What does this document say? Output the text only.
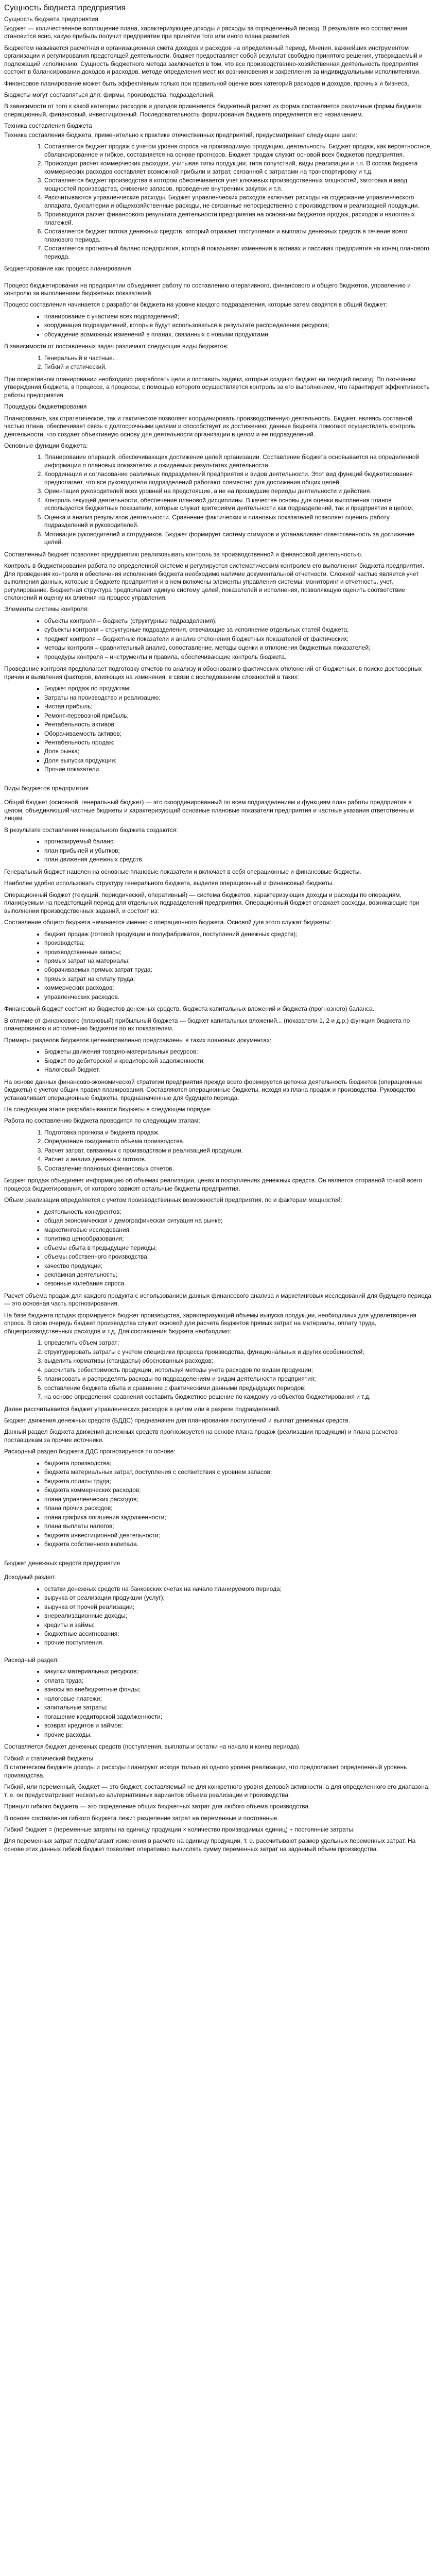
Сущность бюджета предприятия
Сущность бюджета предприятия

Бюджет — количественное воплощение плана, характеризующее доходы и расходы за определенный период. В результате его составления становится ясно, какую прибыль получит предприятие при принятии того или иного плана развития.

Бюджетом называется расчетная и организационная смета доходов и расходов на определенный период. Мнения, важнейших инструментом организации и регулирования предстоящей деятельности, бюджет предоставляет собой результат свободно принятого решения, утверждаемый и подлежащий исполнению. Сущность бюджетного метода заключается в том, что все производственно-хозяйственная деятельность предприятия состоит в балансировании доходов и расходов, методе определения мест их возникновения и закрепления за индивидуальными исполнителями.

Финансовое планирование может быть эффективным только при правильной оценке всех категорий расходов и доходов, прочных и бизнеса.

Бюджеты могут составляться для: фирмы, производства, подразделений.

В зависимости от того к какой категории расходов и доходов применяется бюджетный расчет из форма составляется различные формы бюджета: операционный, финансовый, инвестиционный. Последовательность формирования бюджета определяется его назначением.

Техника составления бюджета

Техника составления бюджета, применительно к практике отечественных предприятий, предусматривает следующие шаги:

1. Составляется бюджет продаж с учетом уровня спроса на производимую продукцию, деятельность. Бюджет продаж, как вероятностное, сбалансированное и гибкое, составляется на основе прогнозов. Бюджет продаж служит основой всех бюджетов предприятия.
2. Происходит расчет коммерческих расходов, учитывая типы продукции, типа сопутствий, виды реализации и т.п. В состав бюджета коммерческих расходов составляет возможной прибыли и затрат, связанной с затратами на транспортировку и т.д.
3. Составляется бюджет производства в котором обеспечивается учет ключевых производственных мощностей, заготовка и ввод мощностей производства, снижение запасов, проведение внутренних закупок и т.п.
4. Рассчитываются управленческие расходы. Бюджет управленческих расходов включает расходы на содержание управленческого аппарата, бухгалтерии и общехозяйственные расходы, не связанные непосредственно с производством и реализацией продукции.
5. Производится расчет финансового результата деятельности предприятия на основании бюджетов продаж, расходов и налоговых платежей.
6. Составляется бюджет потока денежных средств, который отражает поступления и выплаты денежных средств в течение всего планового периода.
7. Составляется прогнозный баланс предприятия, который показывает изменения в активах и пассивах предприятия на конец планового периода.

Бюджетирование как процесс планирования

Процесс бюджетирования на предприятии объединяет работу по составлению оперативного, финансового и общего бюджетов, управлению и контролю за выполнением бюджетных показателей.

Процесс составления начинается с разработки бюджета на уровне каждого подразделения, которые затем сводятся в общий бюджет:

• планирование с участием всех подразделений;
• координация подразделений, которые будут использоваться в результате распределения ресурсов;
• обсуждение возможных изменений в планах, связанных с новыми продуктами.

В зависимости от поставленных задач различают следующие виды бюджетов:

1. Генеральный и частные.
2. Гибкий и статический.

При оперативном планировании необходимо разработать цели и поставить задачи, которые создают бюджет на текущий период. По окончании утверждения бюджета, в процессе, а процессы, с помощью которого осуществляется контроль за его выполнением, что гарантирует эффективность работы предприятия.

Процедуры бюджетирования

Планирование, как стратегическое, так и тактическое позволяет координировать производственную деятельность. Бюджет, являясь составной частью плана, обеспечивает связь с долгосрочными целями и способствует их достижению; данные бюджета помогают осуществлять контроль деятельности, что создает объективную основу для деятельности организации в целом и ее подразделений.

Основные функции бюджета:

1. Планирование операций, обеспечивающих достижение целей организации. Составление бюджета основывается на определенной информации о плановых показателях и ожидаемых результатах деятельности.
2. Координация и согласование различных подразделений предприятия и видов деятельности. Этот вид функций бюджетирования предполагает, что все руководители подразделений работают совместно для достижения общих целей.
3. Ориентация руководителей всех уровней на предстоящие, а не на прошедшие периоды деятельности и действия.
4. Контроль текущей деятельности, обеспечение плановой дисциплины. В качестве основы для оценки выполнения планов используются бюджетные показатели, которые служат критериями деятельности как подразделений, так и предприятия в целом.
5. Оценка и анализ результатов деятельности. Сравнение фактических и плановых показателей позволяет оценить работу подразделений и руководителей.
6. Мотивация руководителей и сотрудников. Бюджет формирует систему стимулов и устанавливает ответственность за достижение целей.

Составленный бюджет позволяет предприятию реализовывать контроль за производственной и финансовой деятельностью.

Контроль в бюджетировании работа по определенной системе и регулируется систематическим контролем его выполнения бюджета предприятия. Для проведения контроля и обеспечения исполнения бюджета необходимо наличие документальной отчетности. Сложной частью является учет выполнения данных, которые в бюджете предприятия и в нем включены элементы управления системы: мониторинг и отчетность, учет, регулирование. Бюджетная структура предполагает единую систему целей, показателей и исполнения, позволяющую оценить соответствие отклонений и оценку их влияния на процесс управления.

Элементы системы контроля:

• объекты контроля – бюджеты (структурные подразделения);
• субъекты контроля – структурные подразделения, отвечающие за исполнение отдельных статей бюджета;
• предмет контроля – бюджетные показатели и анализ отклонения бюджетных показателей от фактических;
• методы контроля – сравнительный анализ, сопоставление, методы оценки и отклонения бюджетных показателей;
• процедуры контроля – инструменты и правила, обеспечивающие контроль бюджета.

Проведение контроля предполагает подготовку отчетов по анализу и обоснованию фактических отклонений от бюджетных, в поиске достоверных причин и выявления факторов, влияющих на изменения, в связи с исследованием сложностей в таких:

▪ Бюджет продаж по продуктам;
▪ Затраты на производство и реализацию;
▪ Чистая прибыль;
▪ Ремонт-перевозной прибыль;
▪ Рентабельность активов;
▪ Оборачиваемость активов;
▪ Рентабельность продаж;
▪ Доля рынка;
▪ Доля выпуска продукции;
▪ Прочие показатели.
Виды бюджетов предприятия

Общий бюджет (основной, генеральный бюджет) — это скоординированный по всем подразделениям и функциям план работы предприятия в целом, объединяющий частные бюджеты и характеризующий основные плановые показатели предприятия и частные указания ответственным лицам.

В результате составления генерального бюджета создаются:

• прогнозируемый баланс;
• план прибылей и убытков;
• план движения денежных средств.

Генеральный бюджет нацелен на основные плановые показатели и включает в себя операционные и финансовые бюджеты.

Наиболее удобно использовать структуру генерального бюджета, выделяя операционный и финансовый бюджеты.

Операционный бюджет (текущий, периодический, оперативный) — система бюджетов, характеризующих доходы и расходы по операциям, планируемым на предстоящий период для отдельных подразделений предприятия. Операционный бюджет отражает расходы, возникающие при выполнении производственных заданий, и состоит из:

Составление общего бюджета начинается именно с операционного бюджета. Основой для этого служат бюджеты:

• бюджет продаж (готовой продукции и полуфабрикатов, поступлений денежных средств);
• производства;
• производственные запасы;
• прямых затрат на материалы;
• оборачиваемых прямых затрат труда;
• прямых затрат на оплату труда;
• коммерческих расходов;
• управленческих расходов.

Финансовый бюджет состоит из бюджетов денежных средств, бюджета капитальных вложений и бюджета (прогнозного) баланса.

В отличие от финансового (плановый) прибыльный бюджета — бюджет капитальных вложений... (показатели 1, 2 и д.р.) функция бюджета по планированию и исполнению бюджетов по их показателям.

Примеры разделов бюджетов целенаправленно представлены в таких плановых документах:

• Бюджеты движения товарно-материальных ресурсов;
• Бюджет по дебиторской и кредиторской задолженности;
• Налоговый бюджет.

На основе данных финансово-экономической стратегии предприятия прежде всего формируется цепочка деятельность бюджетов (операционные бюджеты) с учетом общих правил планирования. Составляются операционные бюджеты, исходя из плана продаж и производства. Руководство устанавливает операционные бюджеты, предназначенные для будущего периода.

На следующем этапе разрабатываются бюджеты в следующем порядке:

Работа по составлению бюджета проводится по следующим этапам:

1. Подготовка прогноза и бюджета продаж.
2. Определение ожидаемого объема производства.
3. Расчет затрат, связанных с производством и реализацией продукции.
4. Расчет и анализ денежных потоков.
5. Составление плановых финансовых отчетов.

Бюджет продаж объединяет информацию об объемах реализации, ценах и поступлениях денежных средств. Он является отправной точкой всего процесса бюджетирования, от которого зависят остальные бюджеты предприятия.

Объем реализации определяется с учетом производственных возможностей предприятия, по и факторам мощностей:

• деятельность конкурентов;
• общая экономическая и демографическая ситуация на рынке;
• маркетинговые исследования;
• политика ценообразования;
• объемы сбыта в предыдущие периоды;
• объемы собственного производства;
• качество продукции;
• рекламная деятельность;
• сезонные колебания спроса.

Расчет объема продаж для каждого продукта с использованием данных финансового анализа и маркетинговых исследований для будущего периода — это основная часть прогнозирования.

На базе бюджета продаж формируется бюджет производства, характеризующий объемы выпуска продукции, необходимых для удовлетворения спроса. В свою очередь бюджет производства служит основой для расчета бюджетов прямых затрат на материалы, оплату труда, общепроизводственных расходов и т.д. Для составления бюджета необходимо:

1. определить объем затрат;
2. структурировать затраты с учетом специфики процесса производства, функциональных и других особенностей;
3. выделить нормативы (стандарты) обоснованных расходов;
4. рассчитать себестоимость продукции, используя методы учета расходов по видам продукции;
5. планировать и распределять расходы по подразделениям и видам деятельности предприятия;
6. составление бюджета сбыта и сравнение с фактическими данными предыдущих периодов;
7. на основе определения сравнения составить бюджетное решение по каждому из объектов бюджетирования и т.д.

Далее рассчитывается бюджет управленческих расходов в целом или в разрезе подразделений.

Бюджет движения денежных средств (БДДС) предназначен для планирования поступлений и выплат денежных средств.

Данный раздел бюджета движения денежных средств прогнозируется на основе плана продаж (реализации продукции) и плана расчетов поставщикам за прочие источники.

Расходный раздел бюджета ДДС прогнозируется по основе:

• бюджета производства;
• бюджета материальных затрат, поступления с соответствия с уровнем запасов;
• бюджета оплаты труда;
• бюджета коммерческих расходов;
• плана управленческих расходов;
• плана прочих расходов;
• плана графика погашения задолженности;
• плана выплаты налогов;
• бюджета инвестиционной деятельности;
• бюджета собственного капитала.
Бюджет денежных средств предприятия

Доходный раздел:

• остатки денежных средств на банковских счетах на начало планируемого периода;
• выручка от реализации продукции (услуг);
• выручка от прочей реализации;
• внереализационные доходы;
• кредиты и займы;
• бюджетные ассигнования;
• прочие поступления.

Расходный раздел:

• закупки материальных ресурсов;
• оплата труда;
• взносы во внебюджетные фонды;
• налоговые платежи;
• капитальные затраты;
• погашение кредиторской задолженности;
• возврат кредитов и займов;
• прочие расходы.

Составляется бюджет денежных средств (поступления, выплаты и остатки на начало и конец периода).

Гибкий и статический бюджеты

В статическом бюджете доходы и расходы планируют исходя только из одного уровня реализации, что предполагает определенный уровень производства.

Гибкий, или переменный, бюджет — это бюджет, составляемый не для конкретного уровня деловой активности, а для определенного его диапазона, т. е. он предусматривает несколько альтернативных вариантов объема реализации и производства.

Принцип гибкого бюджета — это определение общих бюджетных затрат для любого объема производства.

В основе составления гибкого бюджета лежит разделение затрат на переменные и постоянные.

Гибкий бюджет = (переменные затраты на единицу продукции × количество производимых единиц) + постоянные затраты.

Для переменных затрат предполагают изменения в расчете на единицу продукции, т. е. рассчитывают размер удельных переменных затрат. На основе этих данных гибкий бюджет позволяет оперативно вычислять сумму переменных затрат на заданный объем производства.
